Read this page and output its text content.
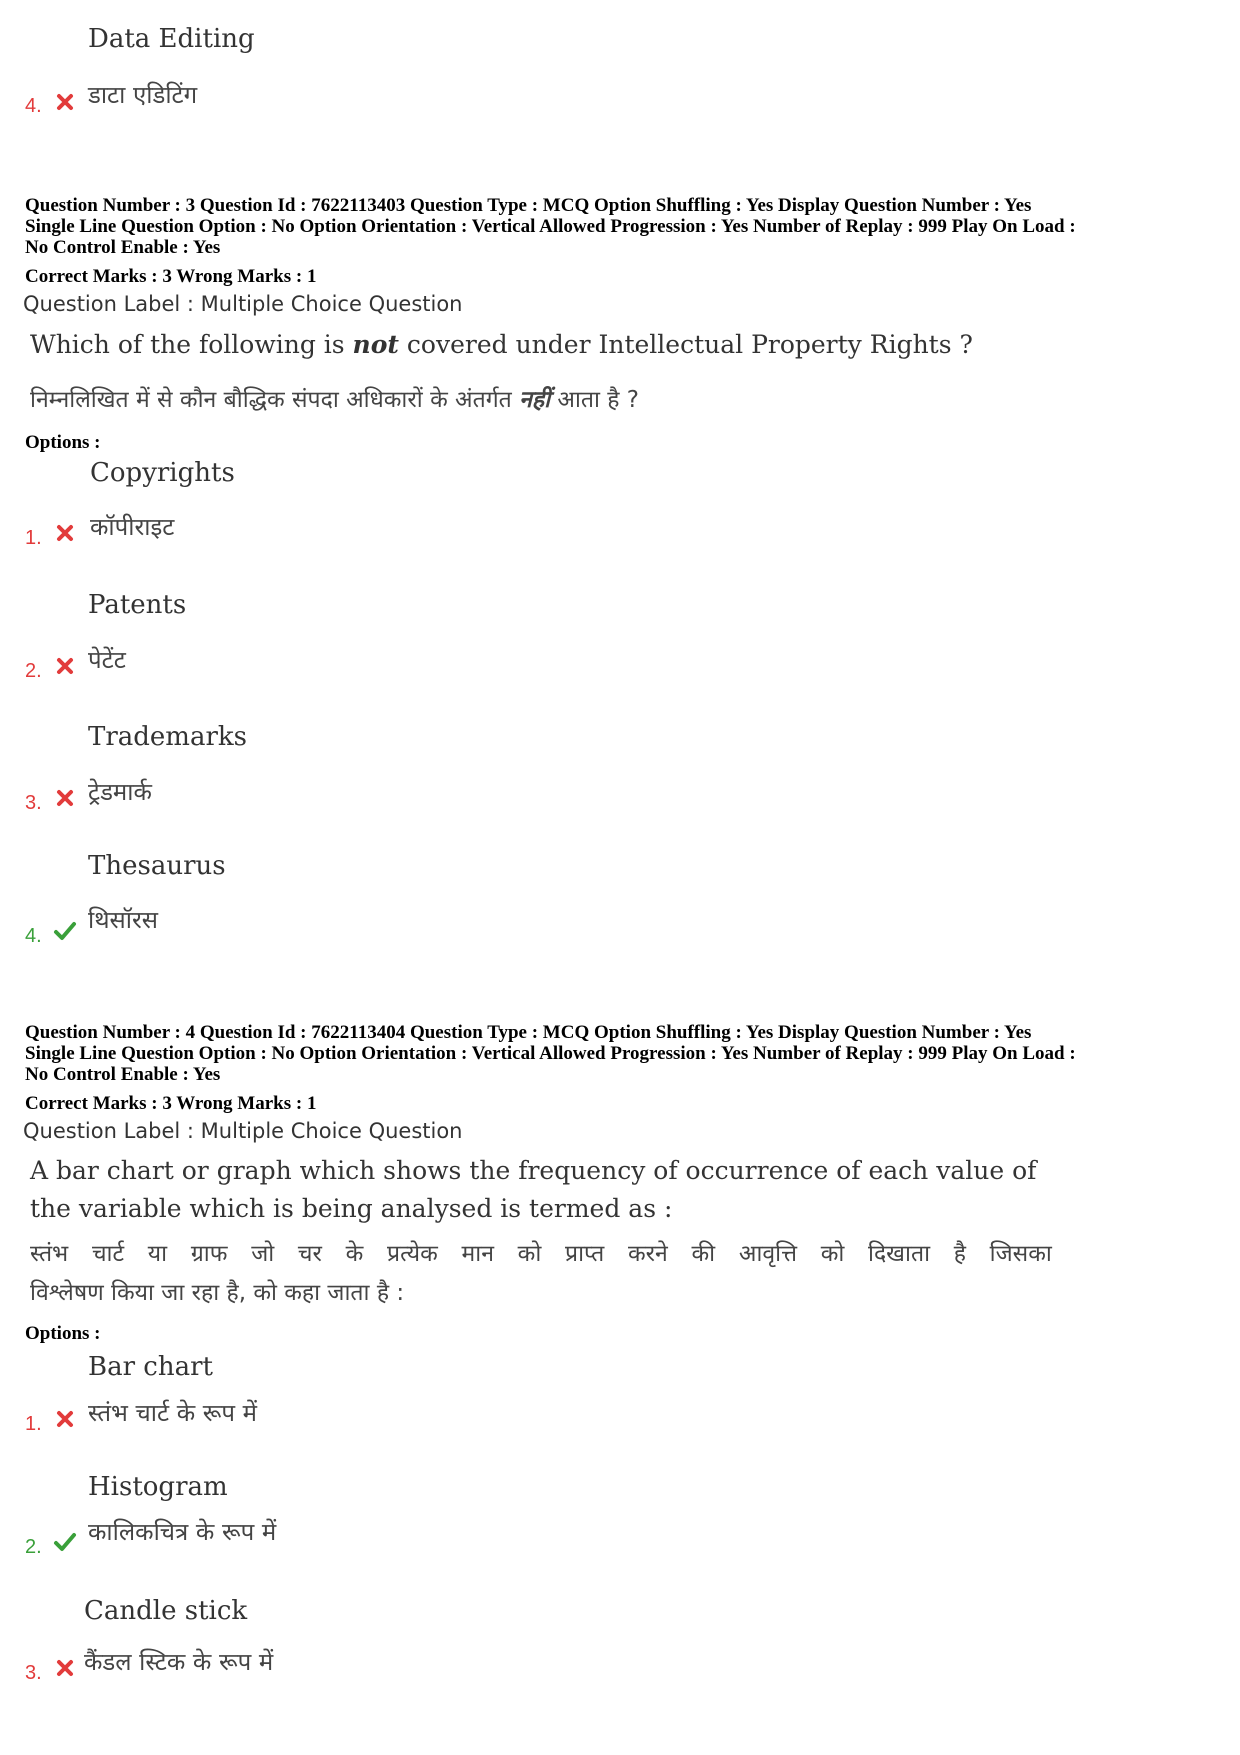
Data Editing
4. डाटा एडिटिंग
Question Number : 3 Question Id : 7622113403 Question Type : MCQ Option Shuffling : Yes Display Question Number : Yes
Single Line Question Option : No Option Orientation : Vertical Allowed Progression : Yes Number of Replay : 999 Play On Load :
No Control Enable : Yes
Correct Marks : 3 Wrong Marks : 1
Question Label : Multiple Choice Question
Which of the following is not covered under Intellectual Property Rights ?
निम्नलिखित में से कौन बौद्धिक संपदा अधिकारों के अंतर्गत नहीं आता है ?
Options :
Copyrights
1. कॉपीराइट
Patents
2. पेटेंट
Trademarks
3. ट्रेडमार्क
Thesaurus
4.
थिसॉरस
Question Number : 4 Question Id : 7622113404 Question Type : MCQ Option Shuffling : Yes Display Question Number : Yes
Single Line Question Option : No Option Orientation : Vertical Allowed Progression : Yes Number of Replay : 999 Play On Load :
No Control Enable : Yes
Correct Marks : 3 Wrong Marks : 1
Question Label : Multiple Choice Question
A bar chart or graph which shows the frequency of occurrence of each value of
the variable which is being analysed is termed as :
स्तंभ चार्ट या ग्राफ जो चर के प्रत्येक मान को प्राप्त करने की आवृत्ति को दिखाता है जिसका
विश्लेषण किया जा रहा है, को कहा जाता है :
Options :
Bar chart
1. स्तंभ चार्ट के रूप में
Histogram
2.
कालिकचित्र के रूप में
Candle stick
3. कैंडल स्टिक के रूप में
